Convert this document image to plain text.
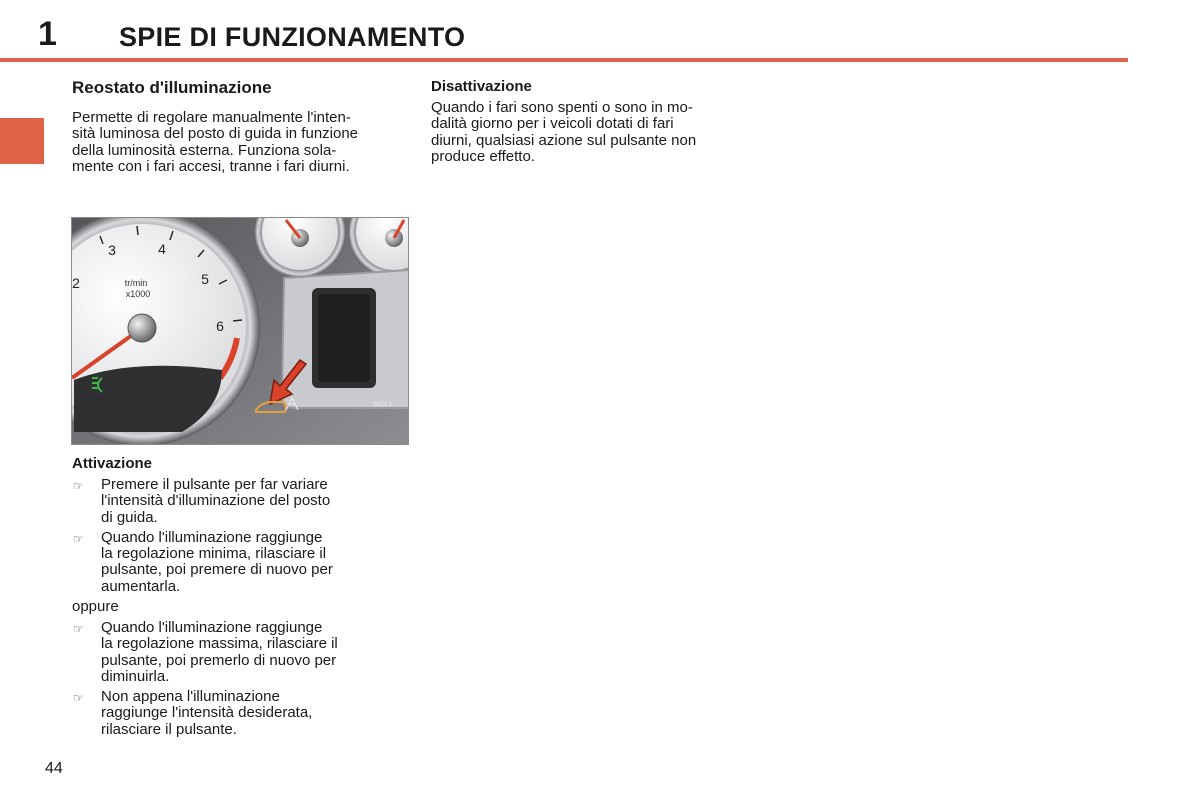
1 SPIE DI FUNZIONAMENTO
Reostato d'illuminazione
Permette di regolare manualmente l'inten-
sità luminosa del posto di guida in funzione
della luminosità esterna. Funziona sola-
mente con i fari accesi, tranne i fari diurni.
2
3	4
5
6
tr/min
x1000
063V.9
Attivazione
☞ Premere il pulsante per far variare
l'intensità d'illuminazione del posto
di guida.
☞ Quando l'illuminazione raggiunge
la regolazione minima, rilasciare il
pulsante, poi premere di nuovo per
aumentarla.
oppure
☞ Quando l'illuminazione raggiunge
la regolazione massima, rilasciare il
pulsante, poi premerlo di nuovo per
diminuirla.
☞ Non appena l'illuminazione
raggiunge l'intensità desiderata,
rilasciare il pulsante.
Disattivazione
Quando i fari sono spenti o sono in mo-
dalità giorno per i veicoli dotati di fari
diurni, qualsiasi azione sul pulsante non
produce effetto.
44
